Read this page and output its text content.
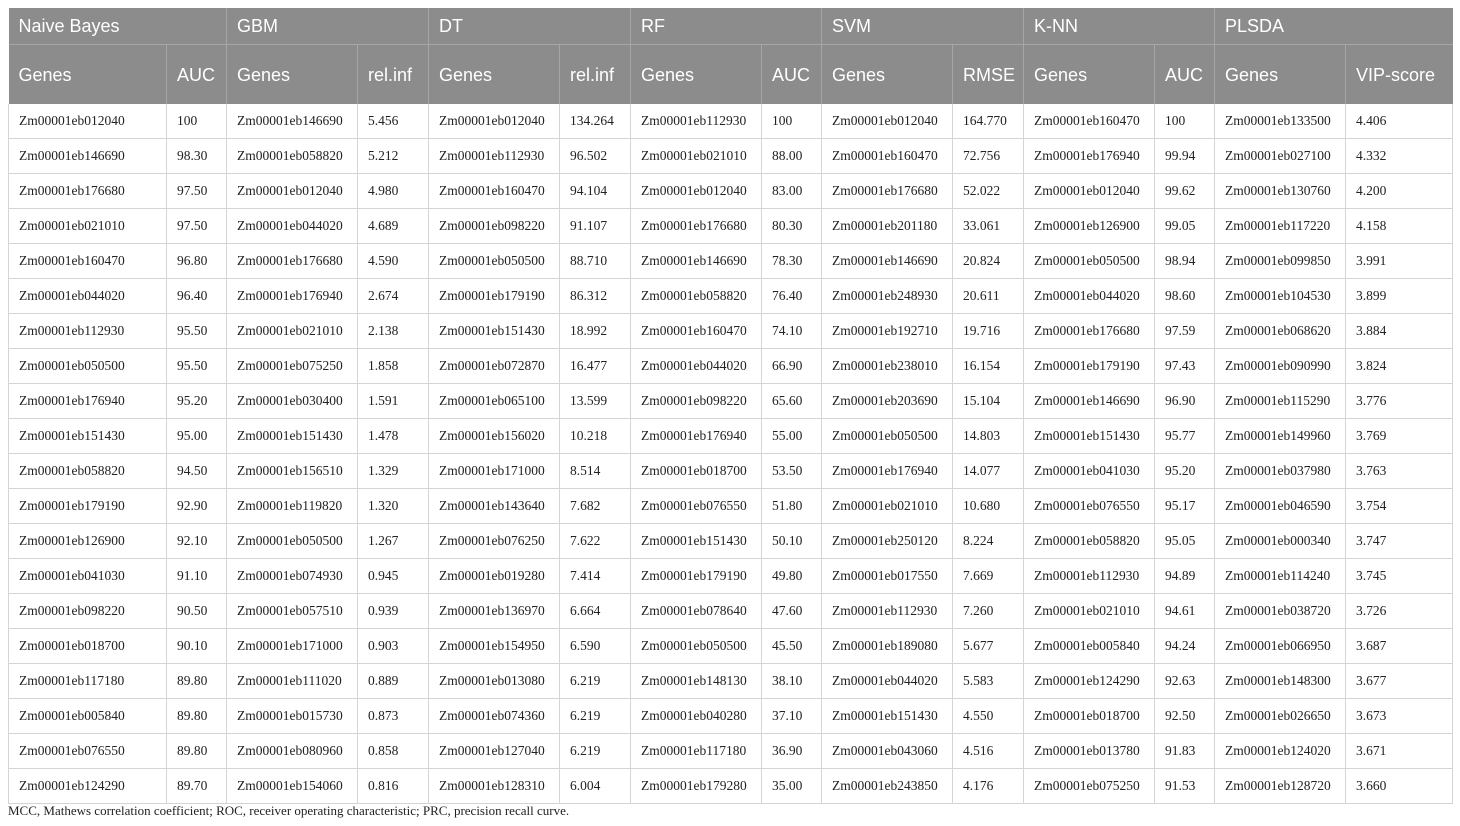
Naive Bayes		GBM		DT		RF		SVM		K-NN		PLSDA	
Genes	AUC	Genes	rel.inf	Genes	rel.inf	Genes	AUC	Genes	RMSE	Genes	AUC	Genes	VIP-score
Zm00001eb012040	100	Zm00001eb146690	5.456	Zm00001eb012040	134.264	Zm00001eb112930	100	Zm00001eb012040	164.770	Zm00001eb160470	100	Zm00001eb133500	4.406
Zm00001eb146690	98.30	Zm00001eb058820	5.212	Zm00001eb112930	96.502	Zm00001eb021010	88.00	Zm00001eb160470	72.756	Zm00001eb176940	99.94	Zm00001eb027100	4.332
Zm00001eb176680	97.50	Zm00001eb012040	4.980	Zm00001eb160470	94.104	Zm00001eb012040	83.00	Zm00001eb176680	52.022	Zm00001eb012040	99.62	Zm00001eb130760	4.200
Zm00001eb021010	97.50	Zm00001eb044020	4.689	Zm00001eb098220	91.107	Zm00001eb176680	80.30	Zm00001eb201180	33.061	Zm00001eb126900	99.05	Zm00001eb117220	4.158
Zm00001eb160470	96.80	Zm00001eb176680	4.590	Zm00001eb050500	88.710	Zm00001eb146690	78.30	Zm00001eb146690	20.824	Zm00001eb050500	98.94	Zm00001eb099850	3.991
Zm00001eb044020	96.40	Zm00001eb176940	2.674	Zm00001eb179190	86.312	Zm00001eb058820	76.40	Zm00001eb248930	20.611	Zm00001eb044020	98.60	Zm00001eb104530	3.899
Zm00001eb112930	95.50	Zm00001eb021010	2.138	Zm00001eb151430	18.992	Zm00001eb160470	74.10	Zm00001eb192710	19.716	Zm00001eb176680	97.59	Zm00001eb068620	3.884
Zm00001eb050500	95.50	Zm00001eb075250	1.858	Zm00001eb072870	16.477	Zm00001eb044020	66.90	Zm00001eb238010	16.154	Zm00001eb179190	97.43	Zm00001eb090990	3.824
Zm00001eb176940	95.20	Zm00001eb030400	1.591	Zm00001eb065100	13.599	Zm00001eb098220	65.60	Zm00001eb203690	15.104	Zm00001eb146690	96.90	Zm00001eb115290	3.776
Zm00001eb151430	95.00	Zm00001eb151430	1.478	Zm00001eb156020	10.218	Zm00001eb176940	55.00	Zm00001eb050500	14.803	Zm00001eb151430	95.77	Zm00001eb149960	3.769
Zm00001eb058820	94.50	Zm00001eb156510	1.329	Zm00001eb171000	8.514	Zm00001eb018700	53.50	Zm00001eb176940	14.077	Zm00001eb041030	95.20	Zm00001eb037980	3.763
Zm00001eb179190	92.90	Zm00001eb119820	1.320	Zm00001eb143640	7.682	Zm00001eb076550	51.80	Zm00001eb021010	10.680	Zm00001eb076550	95.17	Zm00001eb046590	3.754
Zm00001eb126900	92.10	Zm00001eb050500	1.267	Zm00001eb076250	7.622	Zm00001eb151430	50.10	Zm00001eb250120	8.224	Zm00001eb058820	95.05	Zm00001eb000340	3.747
Zm00001eb041030	91.10	Zm00001eb074930	0.945	Zm00001eb019280	7.414	Zm00001eb179190	49.80	Zm00001eb017550	7.669	Zm00001eb112930	94.89	Zm00001eb114240	3.745
Zm00001eb098220	90.50	Zm00001eb057510	0.939	Zm00001eb136970	6.664	Zm00001eb078640	47.60	Zm00001eb112930	7.260	Zm00001eb021010	94.61	Zm00001eb038720	3.726
Zm00001eb018700	90.10	Zm00001eb171000	0.903	Zm00001eb154950	6.590	Zm00001eb050500	45.50	Zm00001eb189080	5.677	Zm00001eb005840	94.24	Zm00001eb066950	3.687
Zm00001eb117180	89.80	Zm00001eb111020	0.889	Zm00001eb013080	6.219	Zm00001eb148130	38.10	Zm00001eb044020	5.583	Zm00001eb124290	92.63	Zm00001eb148300	3.677
Zm00001eb005840	89.80	Zm00001eb015730	0.873	Zm00001eb074360	6.219	Zm00001eb040280	37.10	Zm00001eb151430	4.550	Zm00001eb018700	92.50	Zm00001eb026650	3.673
Zm00001eb076550	89.80	Zm00001eb080960	0.858	Zm00001eb127040	6.219	Zm00001eb117180	36.90	Zm00001eb043060	4.516	Zm00001eb013780	91.83	Zm00001eb124020	3.671
Zm00001eb124290	89.70	Zm00001eb154060	0.816	Zm00001eb128310	6.004	Zm00001eb179280	35.00	Zm00001eb243850	4.176	Zm00001eb075250	91.53	Zm00001eb128720	3.660
MCC, Mathews correlation coefficient; ROC, receiver operating characteristic; PRC, precision recall curve.
